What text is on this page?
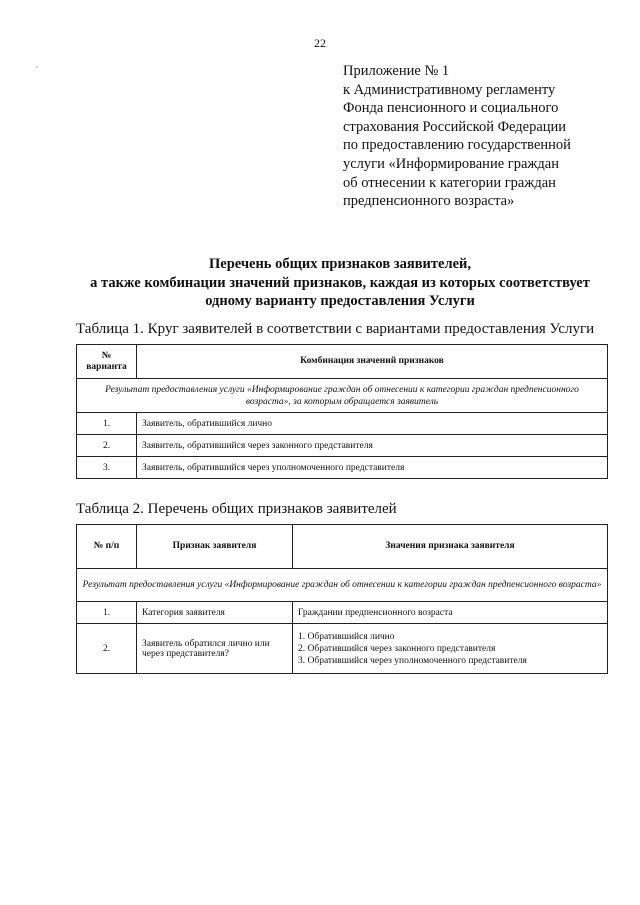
22
Приложение № 1
к Административному регламенту
Фонда пенсионного и социального
страхования Российской Федерации
по предоставлению государственной
услуги «Информирование граждан
об отнесении к категории граждан
предпенсионного возраста»
Перечень общих признаков заявителей,
а также комбинации значений признаков, каждая из которых соответствует
одному варианту предоставления Услуги
Таблица 1. Круг заявителей в соответствии с вариантами предоставления Услуги
№ варианта	Комбинация значений признаков
Результат предоставления услуги «Информирование граждан об отнесении к категории граждан предпенсионного возраста», за которым обращается заявитель	
1.	Заявитель, обратившийся лично
2.	Заявитель, обратившийся через законного представителя
3.	Заявитель, обратившийся через уполномоченного представителя
Таблица 2. Перечень общих признаков заявителей
№ п/п	Признак заявителя	Значения признака заявителя
Результат предоставления услуги «Информирование граждан об отнесении к категории граждан предпенсионного возраста»		
1.	Категория заявителя	Граждании предпенсионного возраста

2.	Заявитель обратился лично или через представителя?	1. Обратившийся лично
2. Обратившийся через законного представителя
3. Обратившийся через уполномоченного представителя
